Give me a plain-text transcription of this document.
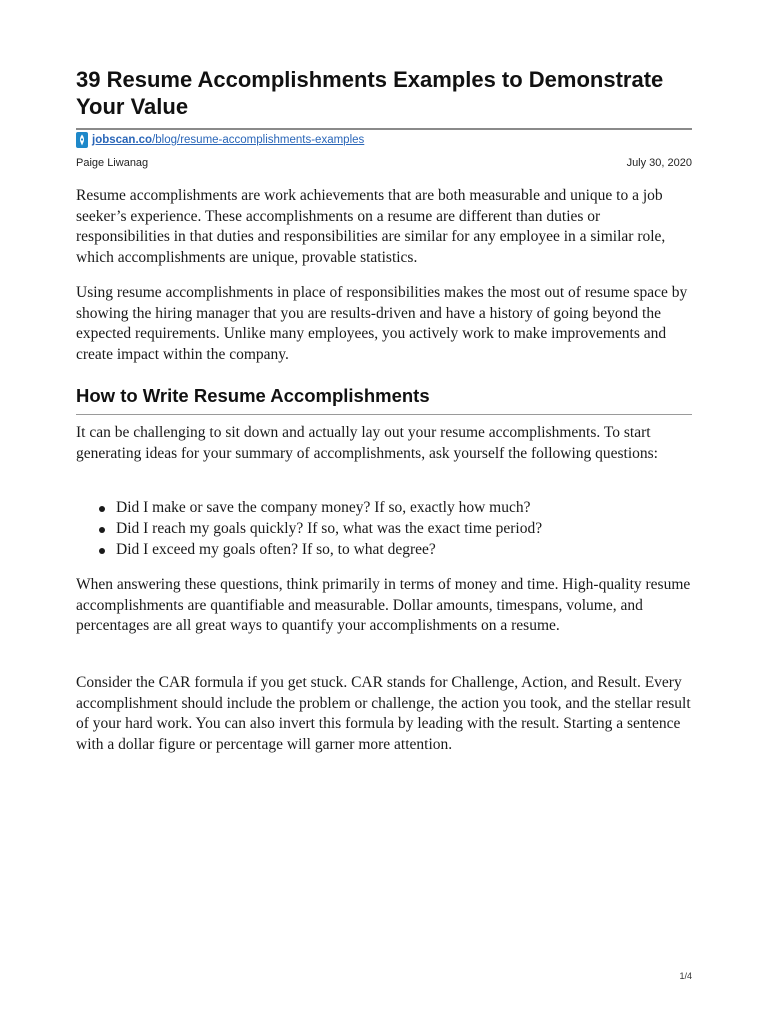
39 Resume Accomplishments Examples to Demonstrate Your Value
jobscan.co/blog/resume-accomplishments-examples
Paige Liwanag	July 30, 2020

Resume accomplishments are work achievements that are both measurable and unique to a job seeker’s experience. These accomplishments on a resume are different than duties or responsibilities in that duties and responsibilities are similar for any employee in a similar role, which accomplishments are unique, provable statistics.

Using resume accomplishments in place of responsibilities makes the most out of resume space by showing the hiring manager that you are results-driven and have a history of going beyond the expected requirements. Unlike many employees, you actively work to make improvements and create impact within the company.

How to Write Resume Accomplishments

It can be challenging to sit down and actually lay out your resume accomplishments. To start generating ideas for your summary of accomplishments, ask yourself the following questions:

Did I make or save the company money? If so, exactly how much?
Did I reach my goals quickly? If so, what was the exact time period?
Did I exceed my goals often? If so, to what degree?

When answering these questions, think primarily in terms of money and time. High-quality resume accomplishments are quantifiable and measurable. Dollar amounts, timespans, volume, and percentages are all great ways to quantify your accomplishments on a resume.

Consider the CAR formula if you get stuck. CAR stands for Challenge, Action, and Result. Every accomplishment should include the problem or challenge, the action you took, and the stellar result of your hard work. You can also invert this formula by leading with the result. Starting a sentence with a dollar figure or percentage will garner more attention.

1/4
